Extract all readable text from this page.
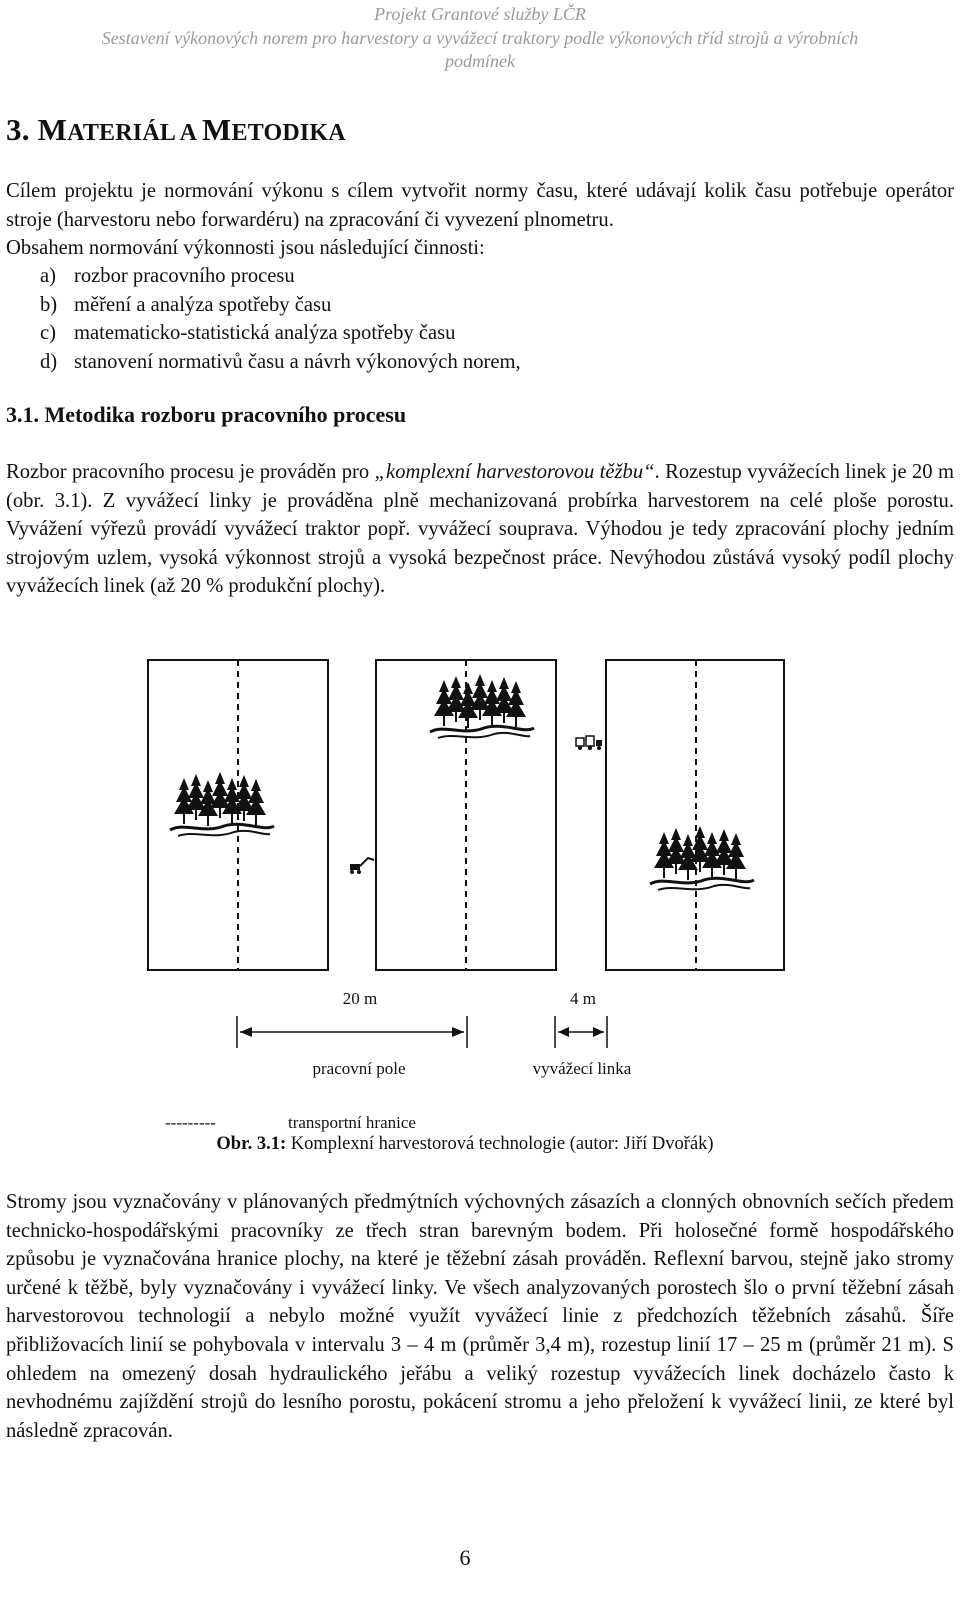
Projekt Grantové služby LČR
Sestavení výkonových norem pro harvestory a vyvážecí traktory podle výkonových tříd strojů a výrobních
podmínek
3. MATERIÁL A METODIKA

Cílem projektu je normování výkonu s cílem vytvořit normy času, které udávají kolik času potřebuje operátor stroje (harvestoru nebo forwardéru) na zpracování či vyvezení plnometru.

Obsahem normování výkonnosti jsou následující činnosti:

a) rozbor pracovního procesu
b) měření a analýza spotřeby času
c) matematicko-statistická analýza spotřeby času
d) stanovení normativů času a návrh výkonových norem,
3.1. Metodika rozboru pracovního procesu

Rozbor pracovního procesu je prováděn pro „komplexní harvestorovou těžbu“. Rozestup vyvážecích linek je 20 m (obr. 3.1). Z vyvážecí linky je prováděna plně mechanizovaná probírka harvestorem na celé ploše porostu. Vyvážení výřezů provádí vyvážecí traktor popř. vyvážecí souprava. Výhodou je tedy zpracování plochy jedním strojovým uzlem, vysoká výkonnost strojů a vysoká bezpečnost práce. Nevýhodou zůstává vysoký podíl plochy vyvážecích linek (až 20 % produkční plochy).

20 m	4 m
pracovní pole	vyvážecí linka
---------	transportní hranice
Obr. 3.1: Komplexní harvestorová technologie (autor: Jiří Dvořák)

Stromy jsou vyznačovány v plánovaných předmýtních výchovných zásazích a clonných obnovních sečích předem technicko-hospodářskými pracovníky ze třech stran barevným bodem. Při holosečné formě hospodářského způsobu je vyznačována hranice plochy, na které je těžební zásah prováděn. Reflexní barvou, stejně jako stromy určené k těžbě, byly vyznačovány i vyvážecí linky. Ve všech analyzovaných porostech šlo o první těžební zásah harvestorovou technologií a nebylo možné využít vyvážecí linie z předchozích těžebních zásahů. Šíře přibližovacích linií se pohybovala v intervalu 3 – 4 m (průměr 3,4 m), rozestup linií 17 – 25 m (průměr 21 m). S ohledem na omezený dosah hydraulického jeřábu a veliký rozestup vyvážecích linek docházelo často k nevhodnému zajíždění strojů do lesního porostu, pokácení stromu a jeho přeložení k vyvážecí linii, ze které byl následně zpracován.

6
